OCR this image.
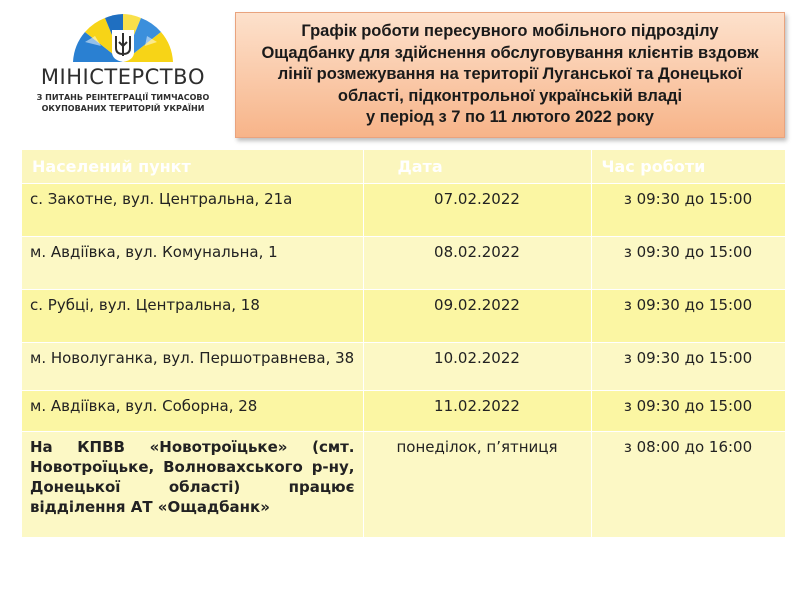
МІНІСТЕРСТВО
З ПИТАНЬ РЕІНТЕГРАЦІЇ ТИМЧАСОВО
ОКУПОВАНИХ ТЕРИТОРІЙ УКРАЇНИ
Графік роботи пересувного мобільного підрозділу
Ощадбанку для здійснення обслуговування клієнтів вздовж
лінії розмежування на території Луганської та Донецької
області, підконтрольної українській владі
у період з 7 по 11 лютого 2022 року
Населений пункт	Дата	Час роботи
с. Закотне, вул. Центральна, 21а	07.02.2022	з 09:30 до 15:00
м. Авдіївка, вул. Комунальна, 1	08.02.2022	з 09:30 до 15:00
с. Рубці, вул. Центральна, 18	09.02.2022	з 09:30 до 15:00
м. Новолуганка, вул. Першотравнева, 38	10.02.2022	з 09:30 до 15:00
м. Авдіївка, вул. Соборна, 28	11.02.2022	з 09:30 до 15:00
На КПВВ «Новотроїцьке» (смт. Новотроїцьке, Волновахського р-ну, Донецької області) працює відділення АТ «Ощадбанк»	понеділок, п’ятниця	з 08:00 до 16:00
